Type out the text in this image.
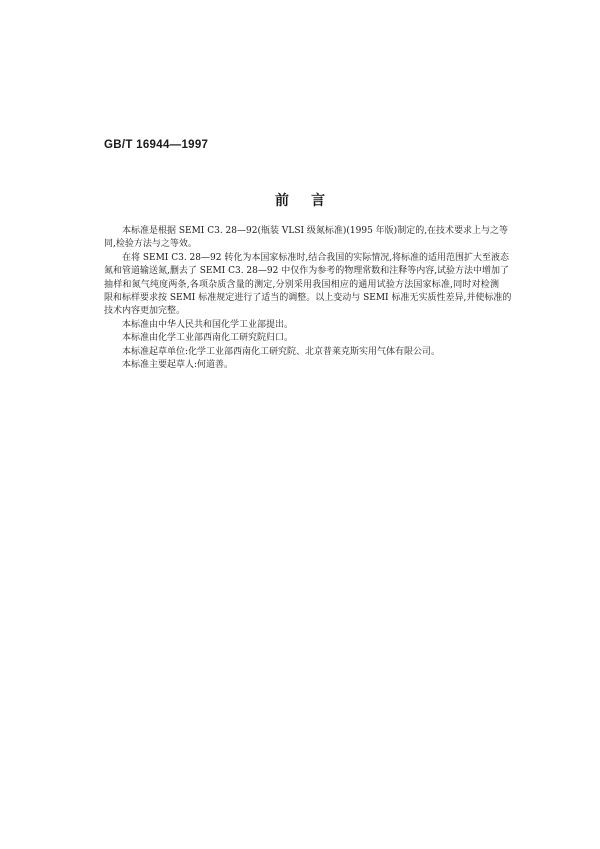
GB/T 16944—1997
前言

本标准是根据 SEMI C3. 28—92(瓶装 VLSI 级氮标准)(1995 年版)制定的,在技术要求上与之等
同,检验方法与之等效。

在将 SEMI C3. 28—92 转化为本国家标准时,结合我国的实际情况,将标准的适用范围扩大至液态
氮和管道输送氮,删去了 SEMI C3. 28—92 中仅作为参考的物理常数和注释等内容,试验方法中增加了
抽样和氮气纯度两条,各项杂质含量的测定,分别采用我国相应的通用试验方法国家标准,同时对检测
限和标样要求按 SEMI 标准规定进行了适当的调整。以上变动与 SEMI 标准无实质性差异,并使标准的
技术内容更加完整。

本标准由中华人民共和国化学工业部提出。

本标准由化学工业部西南化工研究院归口。

本标准起草单位:化学工业部西南化工研究院、北京普莱克斯实用气体有限公司。

本标准主要起草人:何道善。
